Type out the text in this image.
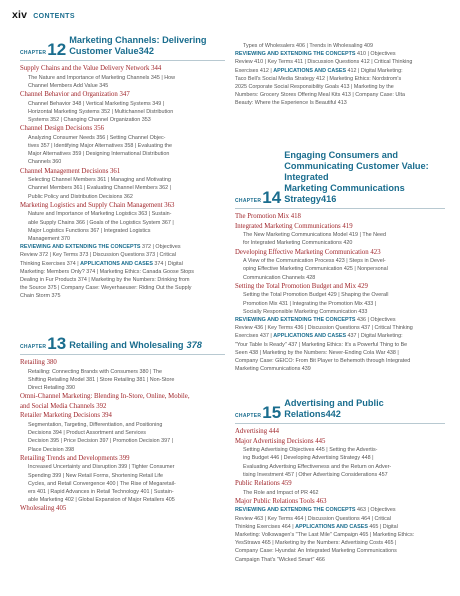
xiv CONTENTS
CHAPTER 12 Marketing Channels: Delivering
Customer Value342
Supply Chains and the Value Delivery Network 344
The Nature and Importance of Marketing Channels 345 | How
Channel Members Add Value 345
Channel Behavior and Organization 347
Channel Behavior 348 | Vertical Marketing Systems 349 |
Horizontal Marketing Systems 352 | Multichannel Distribution
Systems 352 | Changing Channel Organization 353
Channel Design Decisions 356
Analyzing Consumer Needs 356 | Setting Channel Objec-
tives 357 | Identifying Major Alternatives 358 | Evaluating the
Major Alternatives 359 | Designing International Distribution
Channels 360
Channel Management Decisions 361
Selecting Channel Members 361 | Managing and Motivating
Channel Members 361 | Evaluating Channel Members 362 |
Public Policy and Distribution Decisions 362
Marketing Logistics and Supply Chain Management 363
Nature and Importance of Marketing Logistics 363 | Sustain-
able Supply Chains 366 | Goals of the Logistics System 367 |
Major Logistics Functions 367 | Integrated Logistics
Management 370
REVIEWING AND EXTENDING THE CONCEPTS 372 | Objectives
Review 372 | Key Terms 373 | Discussion Questions 373 | Critical
Thinking Exercises 374 | APPLICATIONS AND CASES 374 | Digital
Marketing: Members Only? 374 | Marketing Ethics: Canada Goose Stops
Dealing in Fur Products 374 | Marketing by the Numbers: Drinking from
the Source 375 | Company Case: Weyerhaeuser: Riding Out the Supply
Chain Storm 375
CHAPTER 13 Retailing and Wholesaling 378
Retailing 380
Retailing: Connecting Brands with Consumers 380 | The
Shifting Retailing Model 381 | Store Retailing 381 | Non-Store
Direct Retailing 390
Omni-Channel Marketing: Blending In-Store, Online, Mobile,
and Social Media Channels 392
Retailer Marketing Decisions 394
Segmentation, Targeting, Differentiation, and Positioning
Decisions 394 | Product Assortment and Services
Decision 395 | Price Decision 397 | Promotion Decision 397 |
Place Decision 398
Retailing Trends and Developments 399
Increased Uncertainty and Disruption 399 | Tighter Consumer
Spending 399 | New Retail Forms, Shortening Retail Life
Cycles, and Retail Convergence 400 | The Rise of Megaretail-
ers 401 | Rapid Advances in Retail Technology 401 | Sustain-
able Marketing 402 | Global Expansion of Major Retailers 405
Wholesaling 405
Types of Wholesalers 406 | Trends in Wholesaling 409
REVIEWING AND EXTENDING THE CONCEPTS 410 | Objectives
Review 410 | Key Terms 411 | Discussion Questions 412 | Critical Thinking
Exercises 412 | APPLICATIONS AND CASES 412 | Digital Marketing:
Taco Bell's Social Media Strategy 412 | Marketing Ethics: Nordstrom's
2025 Corporate Social Responsibility Goals 413 | Marketing by the
Numbers: Grocery Stores Offering Meal Kits 413 | Company Case: Ulta
Beauty: Where the Experience Is Beautiful 413
CHAPTER 14
Engaging Consumers and
Communicating Customer Value: Integrated
Marketing Communications Strategy416
The Promotion Mix 418
Integrated Marketing Communications 419
The New Marketing Communications Model 419 | The Need
for Integrated Marketing Communications 420
Developing Effective Marketing Communication 423
A View of the Communication Process 423 | Steps in Devel-
oping Effective Marketing Communication 425 | Nonpersonal
Communication Channels 428
Setting the Total Promotion Budget and Mix 429
Setting the Total Promotion Budget 429 | Shaping the Overall
Promotion Mix 431 | Integrating the Promotion Mix 433 |
Socially Responsible Marketing Communication 433
REVIEWING AND EXTENDING THE CONCEPTS 436 | Objectives
Review 436 | Key Terms 436 | Discussion Questions 437 | Critical Thinking
Exercises 437 | APPLICATIONS AND CASES 437 | Digital Marketing:
"Your Table Is Ready" 437 | Marketing Ethics: It's a Powerful Thing to Be
Seen 438 | Marketing by the Numbers: Never-Ending Cola War 438 |
Company Case: GEICO: From Bit Player to Behemoth through Integrated
Marketing Communications 439
CHAPTER 15 Advertising and Public
Relations442
Advertising 444
Major Advertising Decisions 445
Setting Advertising Objectives 445 | Setting the Advertis-
ing Budget 446 | Developing Advertising Strategy 448 |
Evaluating Advertising Effectiveness and the Return on Adver-
tising Investment 457 | Other Advertising Considerations 457
Public Relations 459
The Role and Impact of PR 462
Major Public Relations Tools 463
REVIEWING AND EXTENDING THE CONCEPTS 463 | Objectives
Review 463 | Key Terms 464 | Discussion Questions 464 | Critical
Thinking Exercises 464 | APPLICATIONS AND CASES 465 | Digital
Marketing: Volkswagen's "The Last Mile" Campaign 465 | Marketing Ethics:
YesStraws 465 | Marketing by the Numbers: Advertising Costs 465 |
Company Case: Hyundai: An Integrated Marketing Communications
Campaign That's "Wicked Smart" 466
